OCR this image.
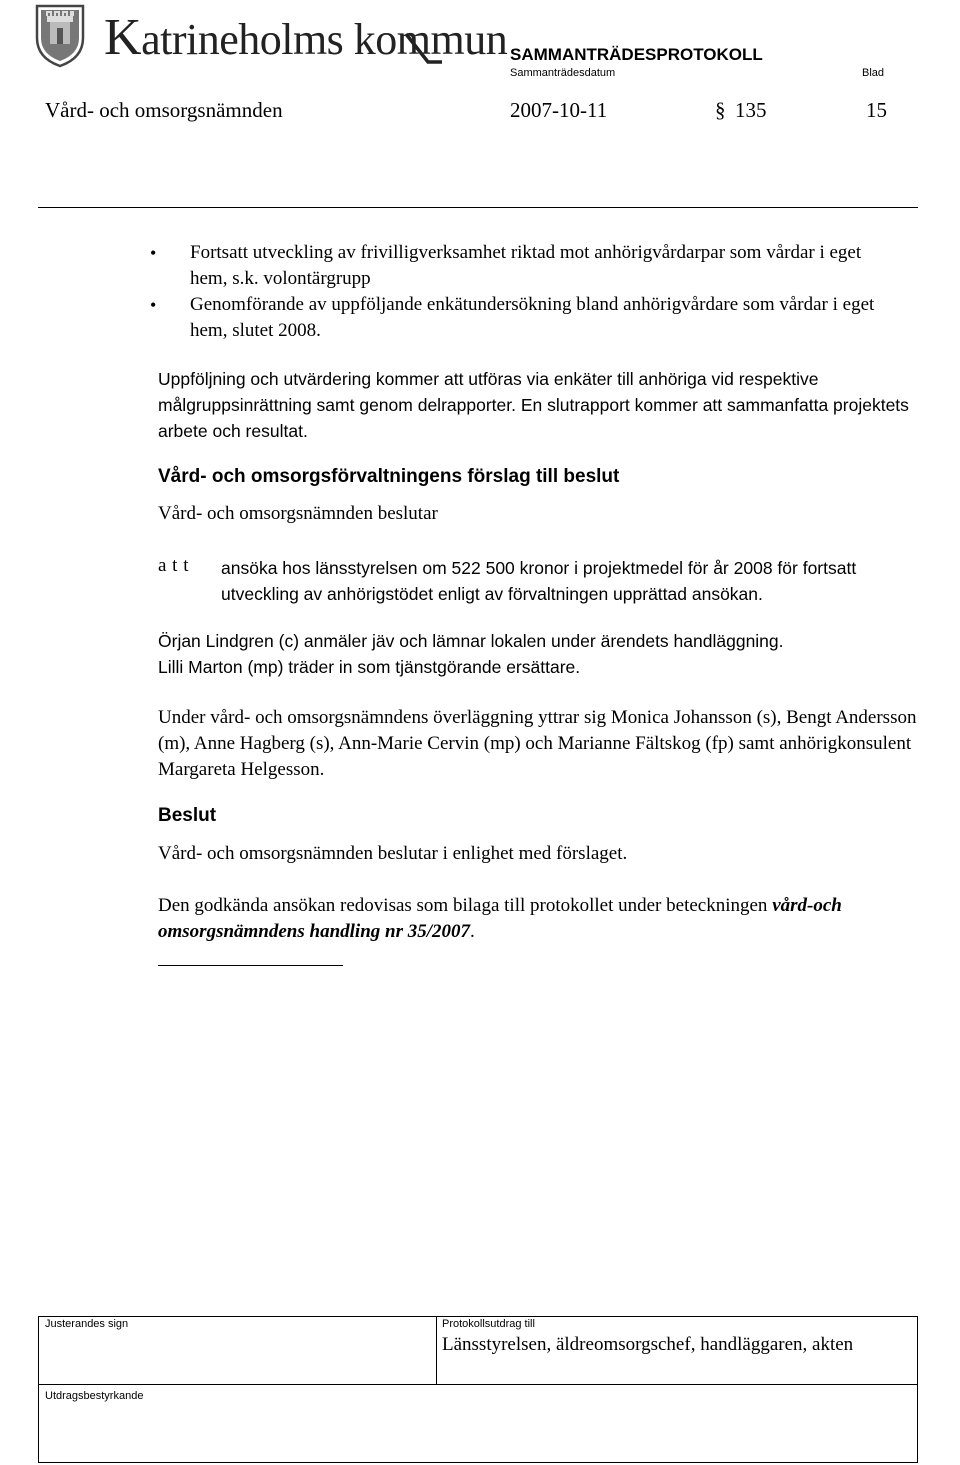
Katrineholms kommun SAMMANTRÄDESPROTOKOLL
Sammanträdesdatum	Blad
Vård- och omsorgsnämnden	2007-10-11	§ 135	15
•	Fortsatt utveckling av frivilligverksamhet riktad mot anhörigvårdarpar som vårdar i eget hem, s.k. volontärgrupp
•	Genomförande av uppföljande enkätundersökning bland anhörigvårdare som vårdar i eget hem, slutet 2008.
Uppföljning och utvärdering kommer att utföras via enkäter till anhöriga vid respektive målgruppsinrättning samt genom delrapporter. En slutrapport kommer att sammanfatta projektets arbete och resultat.
Vård- och omsorgsförvaltningens förslag till beslut
Vård- och omsorgsnämnden beslutar
a t t ansöka hos länsstyrelsen om 522 500 kronor i projektmedel för år 2008 för fortsatt utveckling av anhörigstödet enligt av förvaltningen upprättad ansökan.
Örjan Lindgren (c) anmäler jäv och lämnar lokalen under ärendets handläggning.
Lilli Marton (mp) träder in som tjänstgörande ersättare.
Under vård- och omsorgsnämndens överläggning yttrar sig Monica Johansson (s), Bengt Andersson (m), Anne Hagberg (s), Ann-Marie Cervin (mp) och Marianne Fältskog (fp) samt anhörigkonsulent Margareta Helgesson.
Beslut
Vård- och omsorgsnämnden beslutar i enlighet med förslaget.
Den godkända ansökan redovisas som bilaga till protokollet under beteckningen vård-och omsorgsnämndens handling nr 35/2007.
Justerandes sign	Protokollsutdrag till
Länsstyrelsen, äldreomsorgschef, handläggaren, akten
Utdragsbestyrkande
